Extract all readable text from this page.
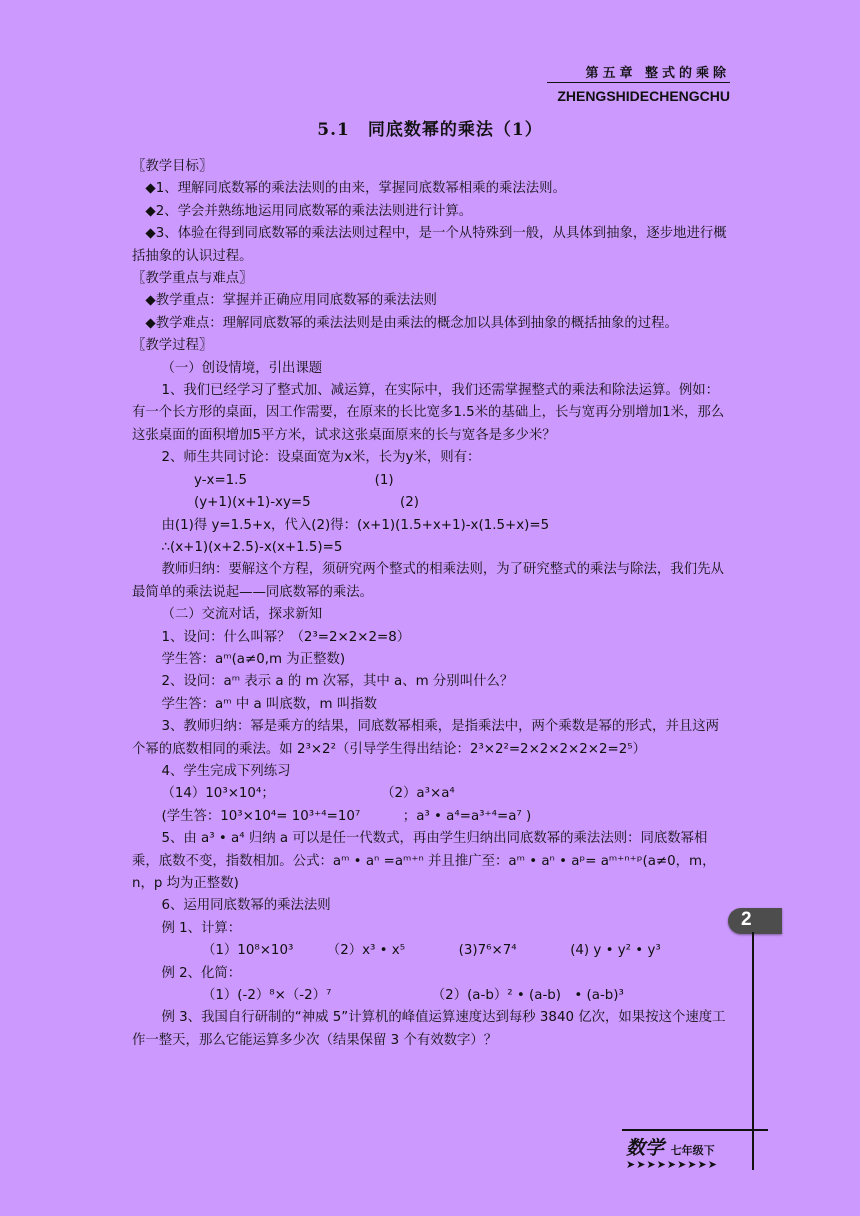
第五章 整式的乘除
ZHENGSHIDECHENGCHU
5.1　同底数幂的乘法（1）

〖教学目标〗

◆1、理解同底数幂的乘法法则的由来，掌握同底数幂相乘的乘法法则。

◆2、学会并熟练地运用同底数幂的乘法法则进行计算。

◆3、体验在得到同底数幂的乘法法则过程中，是一个从特殊到一般，从具体到抽象，逐步地进行概括抽象的认识过程。

〖教学重点与难点〗

◆教学重点：掌握并正确应用同底数幂的乘法法则

◆教学难点：理解同底数幂的乘法法则是由乘法的概念加以具体到抽象的概括抽象的过程。

〖教学过程〗

（一）创设情境，引出课题

1、我们已经学习了整式加、减运算，在实际中，我们还需掌握整式的乘法和除法运算。例如：有一个长方形的桌面，因工作需要，在原来的长比宽多1.5米的基础上，长与宽再分别增加1米，那么这张桌面的面积增加5平方米，试求这张桌面原来的长与宽各是多少米？

2、师生共同讨论：设桌面宽为x米，长为y米，则有：

y-x=1.5                              (1)

(y+1)(x+1)-xy=5                     (2)

由(1)得 y=1.5+x，代入(2)得：(x+1)(1.5+x+1)-x(1.5+x)=5

∴(x+1)(x+2.5)-x(x+1.5)=5

教师归纳：要解这个方程，须研究两个整式的相乘法则，为了研究整式的乘法与除法，我们先从最简单的乘法说起——同底数幂的乘法。

（二）交流对话，探求新知

1、设问：什么叫幂？（2³=2×2×2=8）

学生答：aᵐ(a≠0,m 为正整数)

2、设问：aᵐ 表示 a 的 m 次幂，其中 a、m 分别叫什么？

学生答：aᵐ 中 a 叫底数，m 叫指数

3、教师归纳：幂是乘方的结果，同底数幂相乘，是指乘法中，两个乘数是幂的形式，并且这两个幂的底数相同的乘法。如 2³×2²（引导学生得出结论：2³×2²=2×2×2×2×2=2⁵）

4、学生完成下列练习

（14）10³×10⁴；                         （2）a³×a⁴

(学生答：10³×10⁴= 10³⁺⁴=10⁷          ；a³ • a⁴=a³⁺⁴=a⁷ )

5、由 a³ • a⁴ 归纳 a 可以是任一代数式，再由学生归纳出同底数幂的乘法法则：同底数幂相乘，底数不变，指数相加。公式：aᵐ • aⁿ =aᵐ⁺ⁿ 并且推广至：aᵐ • aⁿ • aᵖ= aᵐ⁺ⁿ⁺ᵖ(a≠0，m，n，p 均为正整数)

6、运用同底数幂的乘法法则

例 1、计算：

（1）10⁸×10³　　　（2）x³ • x⁵　　　　(3)7⁶×7⁴　　　　(4) y • y² • y³

例 2、化简：

（1）(-2）⁸×（-2）⁷　　　　　　　　（2）(a-b）² • (a-b)　• (a-b)³

例 3、我国自行研制的“神威 5”计算机的峰值运算速度达到每秒 3840 亿次，如果按这个速度工作一整天，那么它能运算多少次（结果保留 3 个有效数字）？

2
数学 七年级下
➤➤➤➤➤➤➤➤➤
